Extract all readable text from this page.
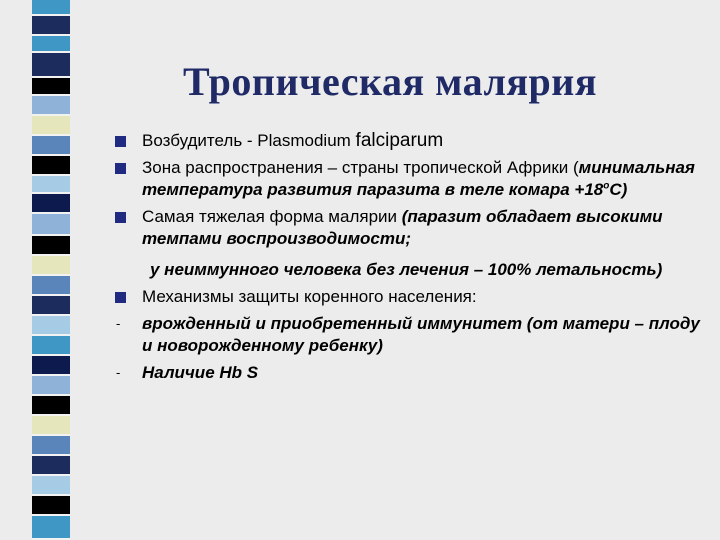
Тропическая малярия
Возбудитель - Plasmodium falciparum
Зона распространения – страны тропической Африки (минимальная температура развития паразита в теле комара $+18^оС$)
Самая тяжелая форма малярии (паразит обладает высокими темпами воспроизводимости;
у неиммунного человека без лечения – 100% летальность)
Механизмы защиты коренного населения:
- врожденный и приобретенный иммунитет (от матери – плоду и новорожденному ребенку)
- Наличие Hb S
